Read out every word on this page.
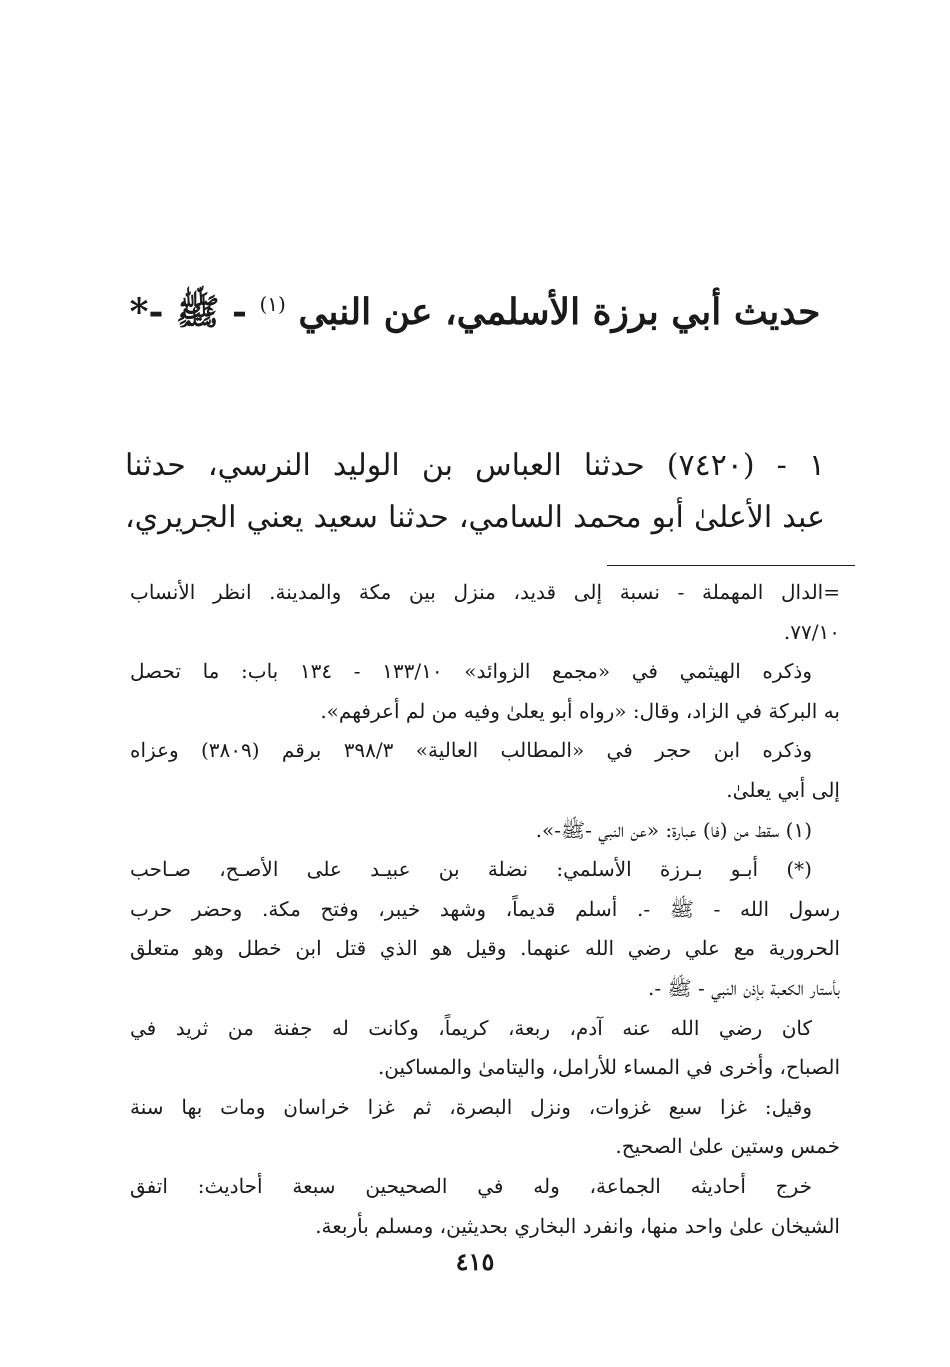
حديث أبي برزة الأسلمي، عن النبي $^{(١)}$ - ﷺ -*
١ - (٧٤٢٠) حدثنا العباس بن الوليد النرسي، حدثنا
عبد الأعلىٰ أبو محمد السامي، حدثنا سعيد يعني الجريري،
=الدال المهملة - نسبة إلى قديد، منزل بين مكة والمدينة. انظر الأنساب
٧٧/١٠.
وذكره الهيثمي في «مجمع الزوائد» ١٣٣/١٠ - ١٣٤ باب: ما تحصل
به البركة في الزاد، وقال: «رواه أبو يعلىٰ وفيه من لم أعرفهم».
وذكره ابن حجر في «المطالب العالية» ٣٩٨/٣ برقم (٣٨٠٩) وعزاه
إلى أبي يعلىٰ.
(١) سقط من (فا) عبارة: «عن النبي -ﷺ-».
(*) أبـو بـرزة الأسلمي: نضلة بن عبيـد على الأصـح، صـاحب
رسول الله - ﷺ -. أسلم قديماً، وشهد خيبر، وفتح مكة. وحضر حرب
الحرورية مع علي رضي الله عنهما. وقيل هو الذي قتل ابن خطل وهو متعلق
بأستار الكعبة بإذن النبي - ﷺ -.
كان رضي الله عنه آدم، ربعة، كريماً، وكانت له جفنة من ثريد في
الصباح، وأخرى في المساء للأرامل، واليتامىٰ والمساكين.
وقيل: غزا سبع غزوات، ونزل البصرة، ثم غزا خراسان ومات بها سنة
خمس وستين علىٰ الصحيح.
خرج أحاديثه الجماعة، وله في الصحيحين سبعة أحاديث: اتفق
الشيخان علىٰ واحد منها، وانفرد البخاري بحديثين، ومسلم بأربعة.
٤١٥
